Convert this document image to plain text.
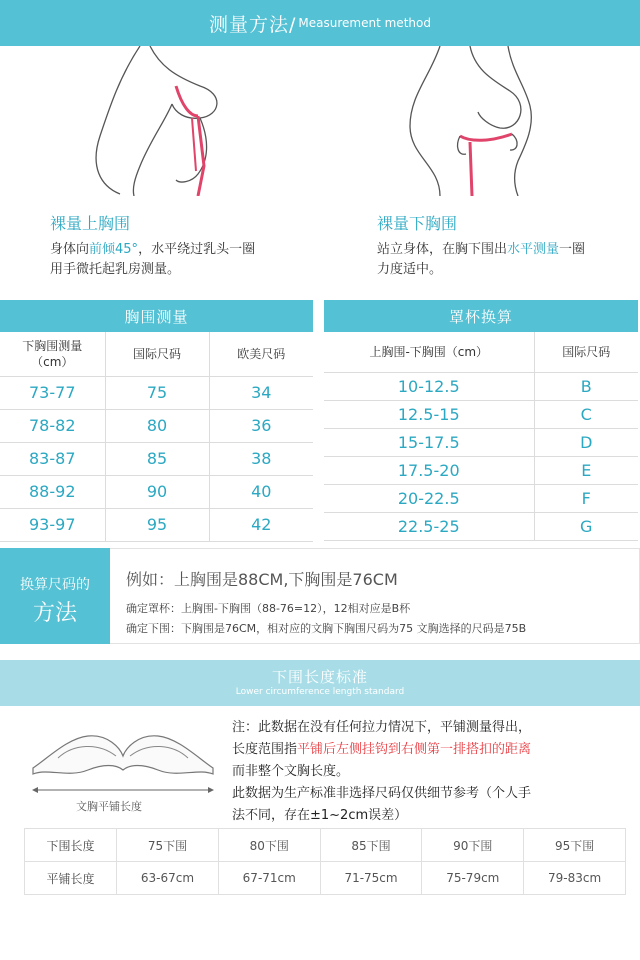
测量方法/ Measurement method
裸量上胸围
身体向前倾45°，水平绕过乳头一圈
用手微托起乳房测量。
裸量下胸围
站立身体，在胸下围出水平测量一圈
力度适中。
胸围测量
下胸围测量
（cm）	国际尺码	欧美尺码
73-77	75	34
78-82	80	36
83-87	85	38
88-92	90	40
93-97	95	42
罩杯换算
上胸围-下胸围（cm）	国际尺码
10-12.5	B
12.5-15	C
15-17.5	D
17.5-20	E
20-22.5	F
22.5-25	G
换算尺码的
方法
例如：上胸围是88CM,下胸围是76CM
确定罩杯：上胸围-下胸围（88-76=12），12相对应是B杯
确定下围：下胸围是76CM，相对应的文胸下胸围尺码为75 文胸选择的尺码是75B
下围长度标准
Lower circumference length standard
文胸平铺长度
注：此数据在没有任何拉力情况下，平铺测量得出，
长度范围指平铺后左侧挂钩到右侧第一排搭扣的距离
而非整个文胸长度。
此数据为生产标准非选择尺码仅供细节参考（个人手
法不同，存在±1~2cm误差）
下围长度	75下围	80下围	85下围	90下围	95下围
平铺长度	63-67cm	67-71cm	71-75cm	75-79cm	79-83cm
